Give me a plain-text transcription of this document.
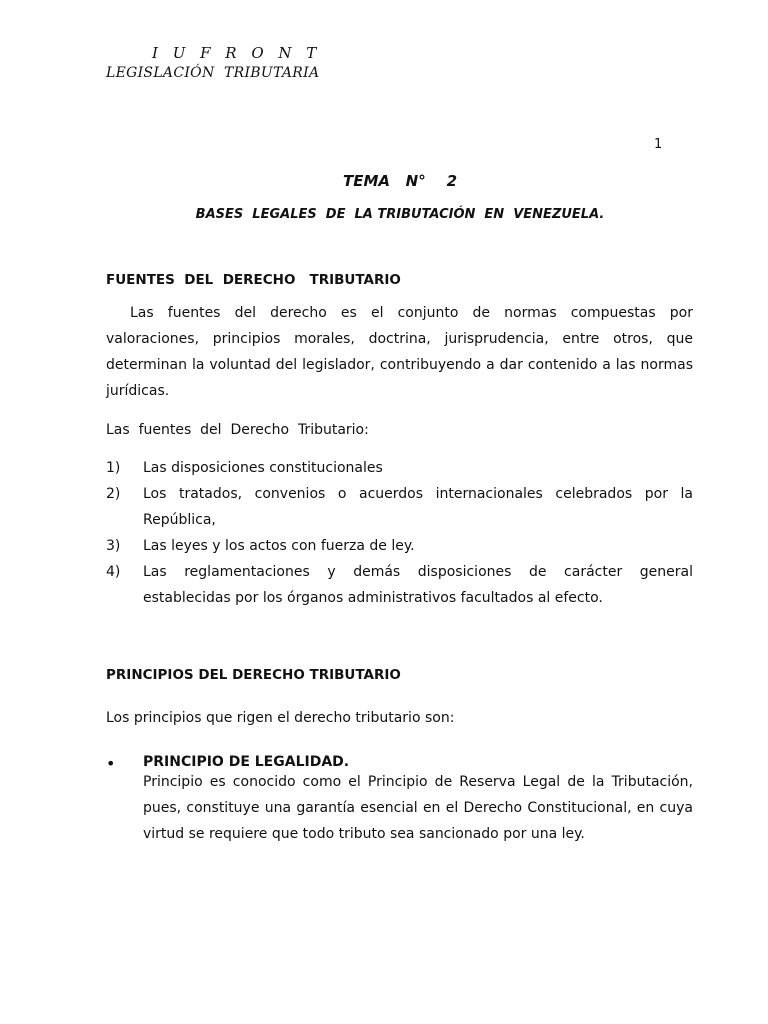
I U F R O N T
LEGISLACIÓN  TRIBUTARIA
1
TEMA   N°    2
BASES  LEGALES  DE  LA TRIBUTACIÓN  EN  VENEZUELA.
FUENTES  DEL  DERECHO   TRIBUTARIO
Las fuentes del derecho es el conjunto de normas compuestas por valoraciones, principios morales, doctrina, jurisprudencia, entre otros, que determinan la voluntad del legislador, contribuyendo a dar contenido a las normas jurídicas.
Las  fuentes  del  Derecho  Tributario:
1) Las disposiciones constitucionales
2) Los tratados, convenios o acuerdos internacionales celebrados por la República,
3) Las leyes y los actos con fuerza de ley.
4) Las reglamentaciones y demás disposiciones de carácter general establecidas por los órganos administrativos facultados al efecto.
PRINCIPIOS DEL DERECHO TRIBUTARIO
Los principios que rigen el derecho tributario son:
• PRINCIPIO DE LEGALIDAD.
Principio es conocido como el Principio de Reserva Legal de la Tributación, pues, constituye una garantía esencial en el Derecho Constitucional, en cuya virtud se requiere que todo tributo sea sancionado por una ley.
